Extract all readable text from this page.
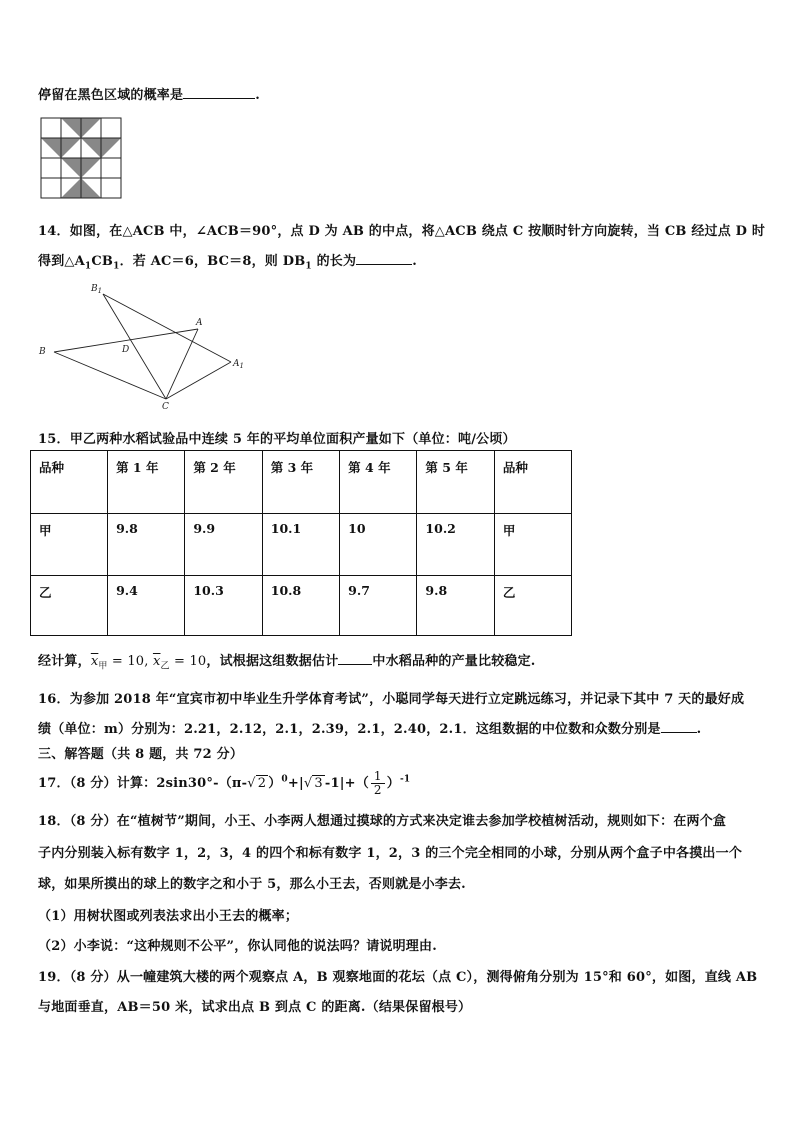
停留在黑色区域的概率是	.
14．如图，在△ACB 中，∠ACB＝90°，点 D 为 AB 的中点，将△ACB 绕点 C 按顺时针方向旋转，当 CB 经过点 D 时
得到$\triangle A_1CB_1$．若 AC＝6，BC＝8，则 $DB_1$ 的长为	.
$B_1$
A
B	D
$A_1$
C
15．甲乙两种水稻试验品中连续 5 年的平均单位面积产量如下（单位：吨/公顷）
品种	第 1 年	第 2 年	第 3 年	第 4 年	第 5 年	品种
甲	9.8	9.9	10.1	10	10.2	甲
乙	9.4	10.3	10.8	9.7	9.8	乙
经计算，$\overline{x}_甲 = 10$, $\overline{x}_乙 = 10$，试根据这组数据估计	中水稻品种的产量比较稳定.
16．为参加 2018 年“宜宾市初中毕业生升学体育考试”，小聪同学每天进行立定跳远练习，并记录下其中 7 天的最好成
绩（单位：m）分别为：2.21，2.12，2.1，2.39，2.1，2.40，2.1．这组数据的中位数和众数分别是	.
三、解答题（共 8 题，共 72 分）
17．（8 分）计算：2sin30°-（π-√ 2 ）$^0$+|√ 3 $-1|+( \frac{1}{2} )^{-1}$
18．（8 分）在“植树节”期间，小王、小李两人想通过摸球的方式来决定谁去参加学校植树活动，规则如下：在两个盒
子内分别装入标有数字 1，2，3，4 的四个和标有数字 1，2，3 的三个完全相同的小球，分别从两个盒子中各摸出一个
球，如果所摸出的球上的数字之和小于 5，那么小王去，否则就是小李去.
（1）用树状图或列表法求出小王去的概率；
（2）小李说：“这种规则不公平”，你认同他的说法吗？请说明理由.
19．（8 分）从一幢建筑大楼的两个观察点 A，B 观察地面的花坛（点 C），测得俯角分别为 15°和 60°，如图，直线 AB
与地面垂直，AB＝50 米，试求出点 B 到点 C 的距离.（结果保留根号）
